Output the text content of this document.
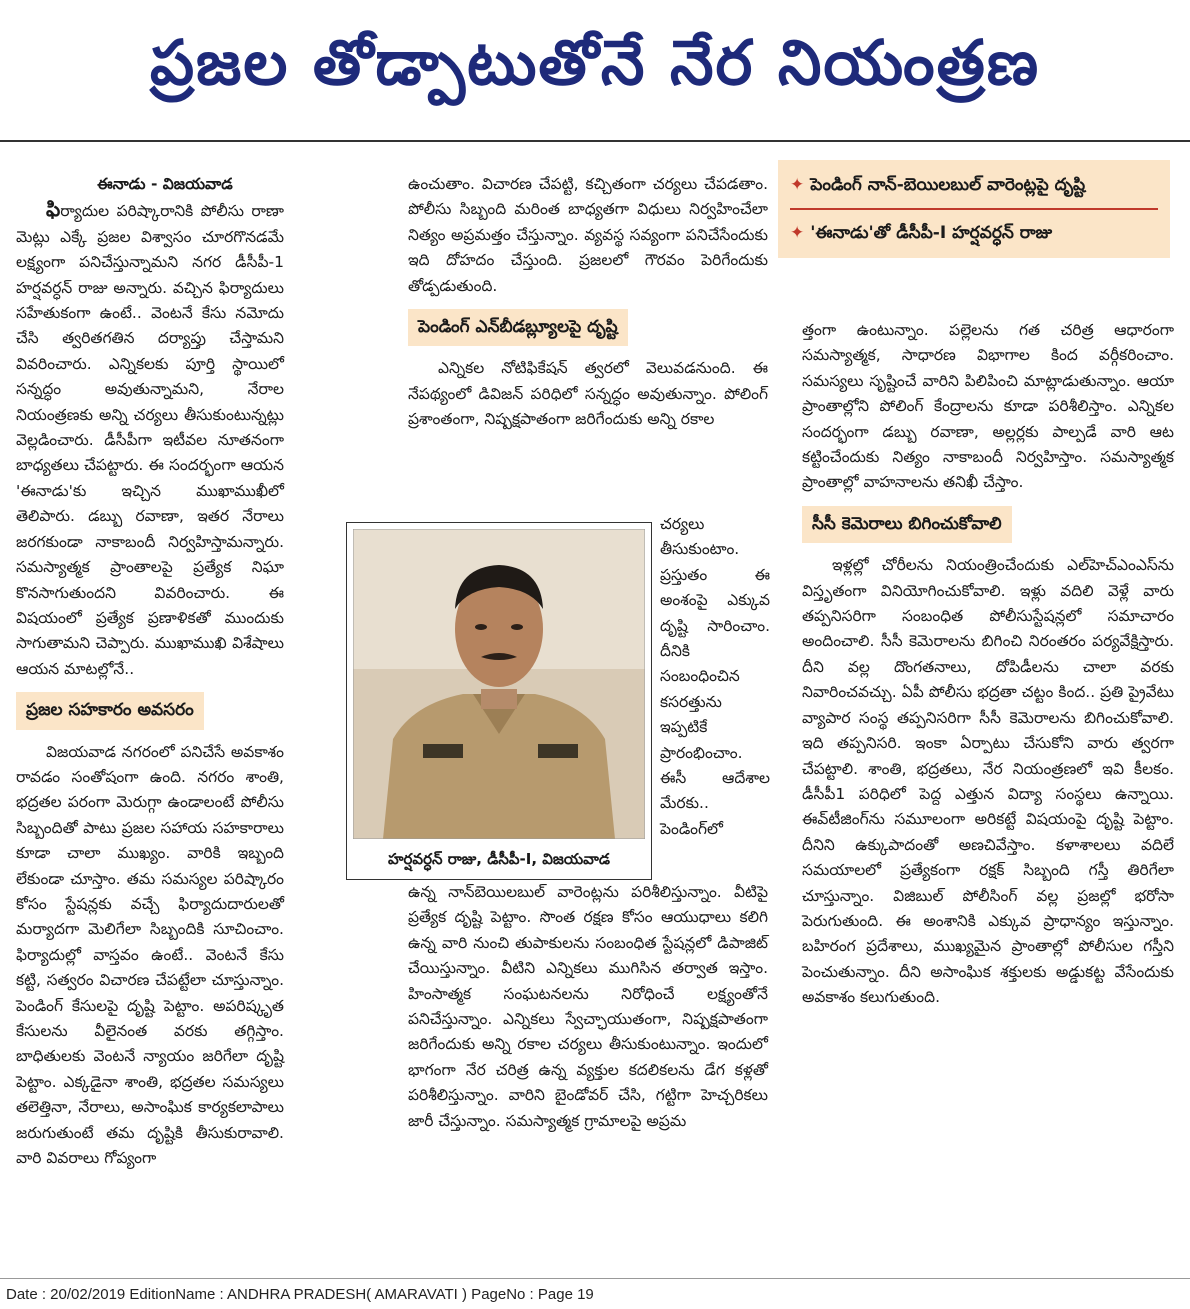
ప్రజల తోడ్పాటుతోనే నేర నియంత్రణ

ఈనాడు - విజయవాడ

ఫిర్యాదుల పరిష్కారానికి పోలీసు రాణా మెట్లు ఎక్కే ప్రజల విశ్వాసం చూరగొనడమే లక్ష్యంగా పనిచేస్తున్నామని నగర డీసీపీ-1 హర్షవర్ధన్ రాజు అన్నారు. వచ్చిన ఫిర్యాదులు సహేతుకంగా ఉంటే.. వెంటనే కేసు నమోదు చేసి త్వరితగతిన దర్యాప్తు చేస్తామని వివరించారు. ఎన్నికలకు పూర్తి స్థాయిలో సన్నద్ధం అవుతున్నామని, నేరాల నియంత్రణకు అన్ని చర్యలు తీసుకుంటున్నట్లు వెల్లడించారు. డీసీపీగా ఇటీవల నూతనంగా బాధ్యతలు చేపట్టారు. ఈ సందర్భంగా ఆయన 'ఈనాడు'కు ఇచ్చిన ముఖాముఖీలో తెలిపారు. డబ్బు రవాణా, ఇతర నేరాలు జరగకుండా నాకాబందీ నిర్వహిస్తామన్నారు. సమస్యాత్మక ప్రాంతాలపై ప్రత్యేక నిఘా కొనసాగుతుందని వివరించారు. ఈ విషయంలో ప్రత్యేక ప్రణాళికతో ముందుకు సాగుతామని చెప్పారు. ముఖాముఖి విశేషాలు ఆయన మాటల్లోనే..

ప్రజల సహకారం అవసరం

విజయవాడ నగరంలో పనిచేసే అవకాశం రావడం సంతోషంగా ఉంది. నగరం శాంతి, భద్రతల పరంగా మెరుగ్గా ఉండాలంటే పోలీసు సిబ్బందితో పాటు ప్రజల సహాయ సహకారాలు కూడా చాలా ముఖ్యం. వారికి ఇబ్బంది లేకుండా చూస్తాం. తమ సమస్యల పరిష్కారం కోసం స్టేషన్లకు వచ్చే ఫిర్యాదుదారులతో మర్యాదగా మెలిగేలా సిబ్బందికి సూచించాం. ఫిర్యాదుల్లో వాస్తవం ఉంటే.. వెంటనే కేసు కట్టి, సత్వరం విచారణ చేపట్టేలా చూస్తున్నాం. పెండింగ్ కేసులపై దృష్టి పెట్టాం. అపరిష్కృత కేసులను వీలైనంత వరకు తగ్గిస్తాం. బాధితులకు వెంటనే న్యాయం జరిగేలా దృష్టి పెట్టాం. ఎక్కడైనా శాంతి, భద్రతల సమస్యలు తలెత్తినా, నేరాలు, అసాంఘిక కార్యకలాపాలు జరుగుతుంటే తమ దృష్టికి తీసుకురావాలి. వారి వివరాలు గోప్యంగా

✦ పెండింగ్ నాన్-బెయిలబుల్ వారెంట్లపై దృష్టి
✦ 'ఈనాడు'తో డీసీపీ-I హర్షవర్ధన్ రాజు

ఉంచుతాం. విచారణ చేపట్టి, కచ్చితంగా చర్యలు చేపడతాం. పోలీసు సిబ్బంది మరింత బాధ్యతగా విధులు నిర్వహించేలా నిత్యం అప్రమత్తం చేస్తున్నాం. వ్యవస్థ సవ్యంగా పనిచేసేందుకు ఇది దోహదం చేస్తుంది. ప్రజలలో గౌరవం పెరిగేందుకు తోడ్పడుతుంది.

పెండింగ్ ఎన్‌బీడబ్ల్యూలపై దృష్టి

ఎన్నికల నోటిఫికేషన్ త్వరలో వెలువడనుంది. ఈ నేపథ్యంలో డివిజన్ పరిధిలో సన్నద్ధం అవుతున్నాం. పోలింగ్ ప్రశాంతంగా, నిష్పక్షపాతంగా జరిగేందుకు అన్ని రకాల

హర్షవర్ధన్ రాజు, డీసీపీ-I, విజయవాడ
చర్యలు తీసుకుంటాం. ప్రస్తుతం ఈ అంశంపై ఎక్కువ దృష్టి సారించాం. దీనికి సంబంధించిన కసరత్తును ఇప్పటికే ప్రారంభించాం. ఈసీ ఆదేశాల మేరకు.. పెండింగ్‌లో
ఉన్న నాన్‌బెయిలబుల్ వారెంట్లను పరిశీలిస్తున్నాం. వీటిపై ప్రత్యేక దృష్టి పెట్టాం. సొంత రక్షణ కోసం ఆయుధాలు కలిగి ఉన్న వారి నుంచి తుపాకులను సంబంధిత స్టేషన్లలో డిపాజిట్ చేయిస్తున్నాం. వీటిని ఎన్నికలు ముగిసిన తర్వాత ఇస్తాం. హింసాత్మక సంఘటనలను నిరోధించే లక్ష్యంతోనే పనిచేస్తున్నాం. ఎన్నికలు స్వేచ్ఛాయుతంగా, నిష్పక్షపాతంగా జరిగేందుకు అన్ని రకాల చర్యలు తీసుకుంటున్నాం. ఇందులో భాగంగా నేర చరిత్ర ఉన్న వ్యక్తుల కదలికలను డేగ కళ్లతో పరిశీలిస్తున్నాం. వారిని బైండోవర్ చేసి, గట్టిగా హెచ్చరికలు జారీ చేస్తున్నాం. సమస్యాత్మక గ్రామాలపై అప్రమ

త్తంగా ఉంటున్నాం. పల్లెలను గత చరిత్ర ఆధారంగా సమస్యాత్మక, సాధారణ విభాగాల కింద వర్గీకరించాం. సమస్యలు సృష్టించే వారిని పిలిపించి మాట్లాడుతున్నాం. ఆయా ప్రాంతాల్లోని పోలింగ్ కేంద్రాలను కూడా పరిశీలిస్తాం. ఎన్నికల సందర్భంగా డబ్బు రవాణా, అల్లర్లకు పాల్పడే వారి ఆట కట్టించేందుకు నిత్యం నాకాబందీ నిర్వహిస్తాం. సమస్యాత్మక ప్రాంతాల్లో వాహనాలను తనిఖీ చేస్తాం.

సీసీ కెమెరాలు బిగించుకోవాలి

ఇళ్లల్లో చోరీలను నియంత్రించేందుకు ఎల్‌హెచ్‌ఎంఎస్‌ను విస్తృతంగా వినియోగించుకోవాలి. ఇళ్లు వదిలి వెళ్లే వారు తప్పనిసరిగా సంబంధిత పోలీసుస్టేషన్లలో సమాచారం అందించాలి. సీసీ కెమెరాలను బిగించి నిరంతరం పర్యవేక్షిస్తారు. దీని వల్ల దొంగతనాలు, దోపిడీలను చాలా వరకు నివారించవచ్చు. ఏపీ పోలీసు భద్రతా చట్టం కింద.. ప్రతి ప్రైవేటు వ్యాపార సంస్థ తప్పనిసరిగా సీసీ కెమెరాలను బిగించుకోవాలి. ఇది తప్పనిసరి. ఇంకా ఏర్పాటు చేసుకోని వారు త్వరగా చేపట్టాలి. శాంతి, భద్రతలు, నేర నియంత్రణలో ఇవి కీలకం. డీసీపీ1 పరిధిలో పెద్ద ఎత్తున విద్యా సంస్థలు ఉన్నాయి. ఈవ్‌టీజింగ్‌ను సమూలంగా అరికట్టే విషయంపై దృష్టి పెట్టాం. దీనిని ఉక్కుపాదంతో అణచివేస్తాం. కళాశాలలు వదిలే సమయాలలో ప్రత్యేకంగా రక్షక్ సిబ్బంది గస్తీ తిరిగేలా చూస్తున్నాం. విజిబుల్ పోలీసింగ్ వల్ల ప్రజల్లో భరోసా పెరుగుతుంది. ఈ అంశానికి ఎక్కువ ప్రాధాన్యం ఇస్తున్నాం. బహిరంగ ప్రదేశాలు, ముఖ్యమైన ప్రాంతాల్లో పోలీసుల గస్తీని పెంచుతున్నాం. దీని అసాంఘిక శక్తులకు అడ్డుకట్ట వేసేందుకు అవకాశం కలుగుతుంది.

Date : 20/02/2019 EditionName : ANDHRA PRADESH( AMARAVATI ) PageNo : Page 19
